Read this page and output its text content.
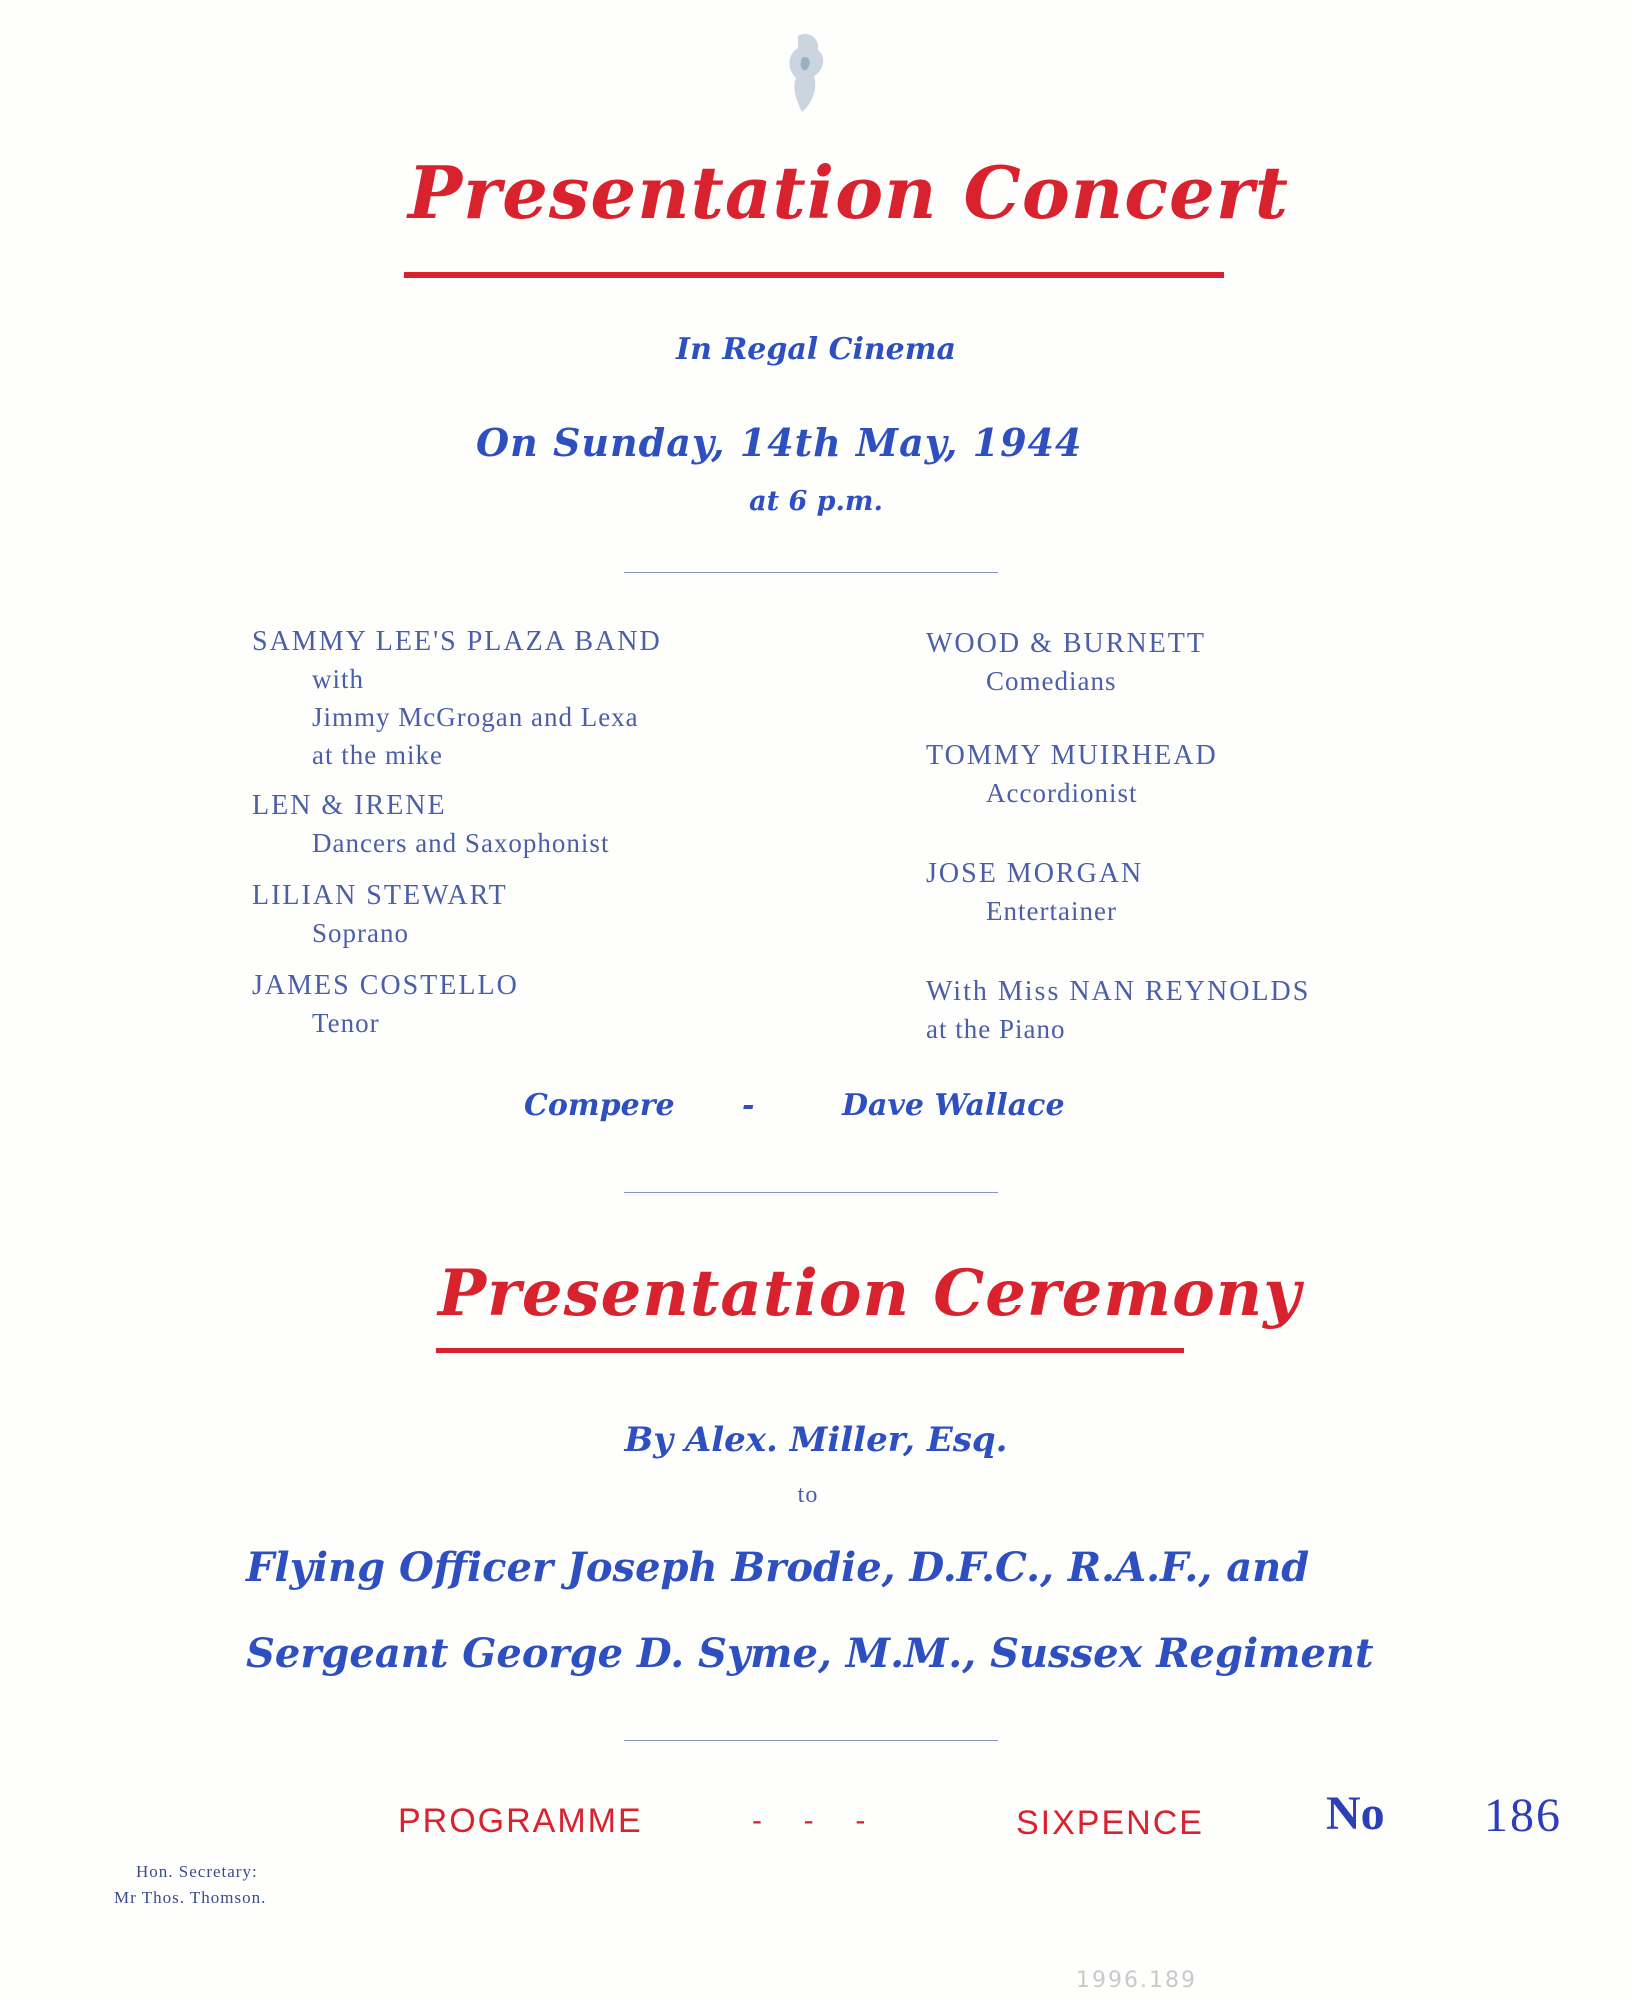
Presentation Concert
In Regal Cinema
On Sunday, 14th May, 1944
at 6 p.m.
SAMMY LEE'S PLAZA BAND
with
Jimmy McGrogan and Lexa
at the mike
LEN & IRENE
Dancers and Saxophonist
LILIAN STEWART
Soprano
JAMES COSTELLO
Tenor
WOOD & BURNETT
Comedians
TOMMY MUIRHEAD
Accordionist
JOSE MORGAN
Entertainer
With Miss NAN REYNOLDS
at the Piano
Compere -	Dave Wallace
Presentation Ceremony
By Alex. Miller, Esq.
to
Flying Officer Joseph Brodie, D.F.C., R.A.F., and
Sergeant George D. Syme, M.M., Sussex Regiment
PROGRAMME	-     -     -	SIXPENCE	No 186
Hon. Secretary:
Mr Thos. Thomson.
1996.189
